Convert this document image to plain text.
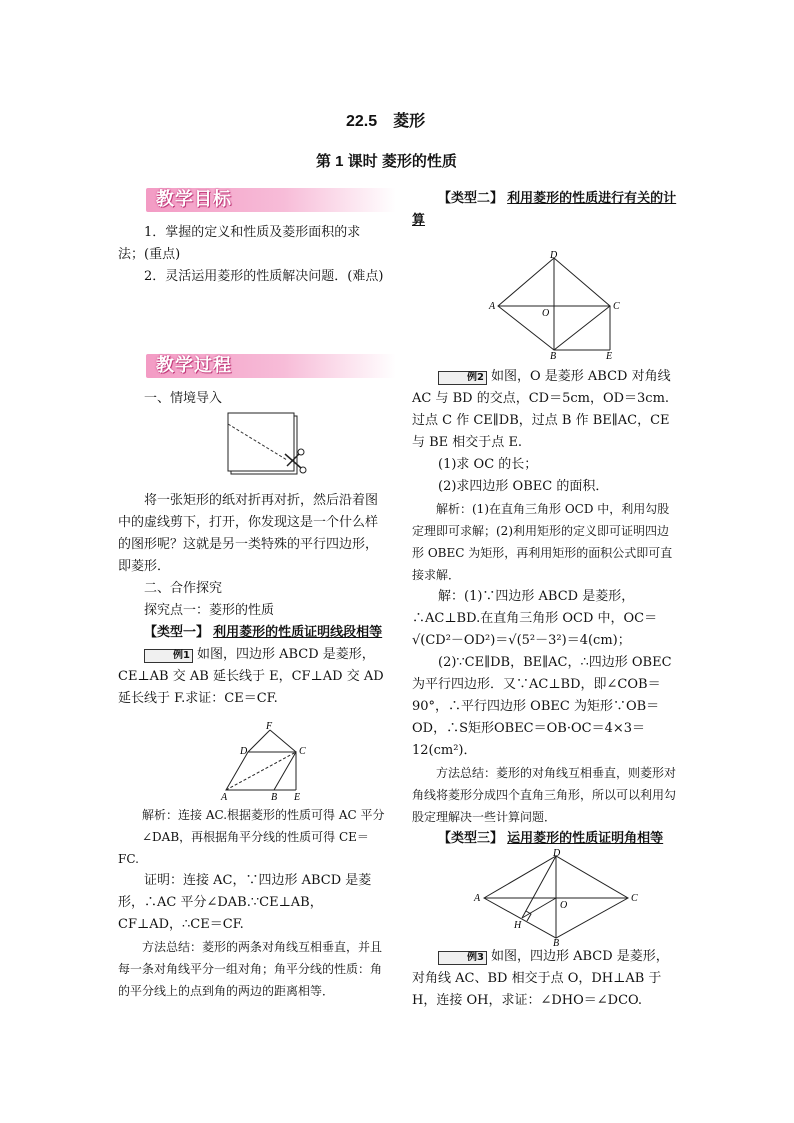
22.5　菱形
第 1 课时 菱形的性质
教学目标

1．掌握的定义和性质及菱形面积的求法；(重点)

2．灵活运用菱形的性质解决问题．(难点)

教学过程

一、情境导入

将一张矩形的纸对折再对折，然后沿着图中的虚线剪下，打开，你发现这是一个什么样的图形呢？这就是另一类特殊的平行四边形，即菱形．

二、合作探究

探究点一：菱形的性质

【类型一】 利用菱形的性质证明线段相等

例1 如图，四边形 ABCD 是菱形，CE⊥AB 交 AB 延长线于 E，CF⊥AD 交 AD 延长线于 F.求证：CE＝CF.

F
D	C
A	B E

解析：连接 AC.根据菱形的性质可得 AC 平分

∠DAB，再根据角平分线的性质可得 CE＝FC.

证明：连接 AC，∵四边形 ABCD 是菱形，∴AC 平分∠DAB.∵CE⊥AB，CF⊥AD，∴CE＝CF.

方法总结：菱形的两条对角线互相垂直，并且每一条对角线平分一组对角；角平分线的性质：角的平分线上的点到角的两边的距离相等．

【类型二】 利用菱形的性质进行有关的计算

D
A
O
C
B	E

例2 如图，O 是菱形 ABCD 对角线 AC 与 BD 的交点，CD＝5cm，OD＝3cm.过点 C 作 CE∥DB，过点 B 作 BE∥AC，CE 与 BE 相交于点 E.

(1)求 OC 的长；

(2)求四边形 OBEC 的面积．

解析：(1)在直角三角形 OCD 中，利用勾股定理即可求解；(2)利用矩形的定义即可证明四边形 OBEC 为矩形，再利用矩形的面积公式即可直接求解．

解：(1)∵四边形 ABCD 是菱形，∴AC⊥BD.在直角三角形 OCD 中，OC＝√(CD²－OD²)＝√(5²－3²)＝4(cm)；

(2)∵CE∥DB，BE∥AC，∴四边形 OBEC 为平行四边形．又∵AC⊥BD，即∠COB＝90°，∴平行四边形 OBEC 为矩形∵OB＝OD，∴S矩形OBEC＝OB·OC＝4×3＝12(cm²)．

方法总结：菱形的对角线互相垂直，则菱形对角线将菱形分成四个直角三角形，所以可以利用勾股定理解决一些计算问题．

【类型三】 运用菱形的性质证明角相等

D
A
O
C
H
B

例3 如图，四边形 ABCD 是菱形，对角线 AC、BD 相交于点 O，DH⊥AB 于 H，连接 OH，求证：∠DHO＝∠DCO.
